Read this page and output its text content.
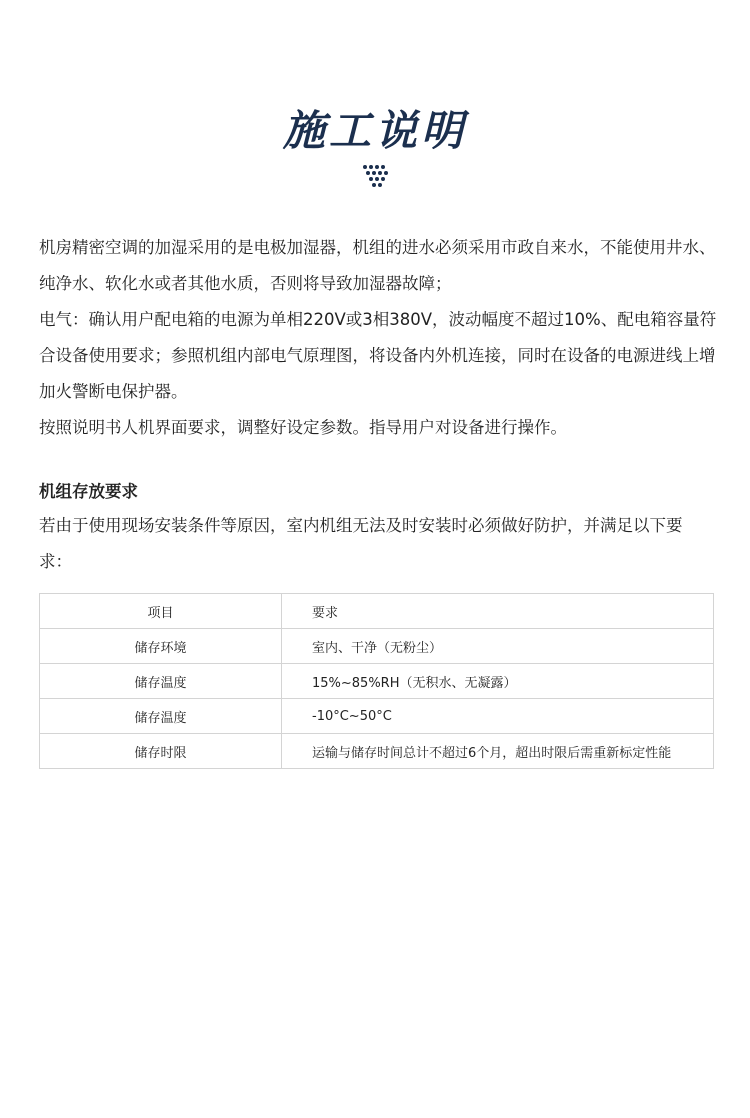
施工说明

机房精密空调的加湿采用的是电极加湿器，机组的进水必须采用市政自来水，不能使用井水、纯净水、软化水或者其他水质，否则将导致加湿器故障；

电气：确认用户配电箱的电源为单相220V或3相380V，波动幅度不超过10%、配电箱容量符合设备使用要求；参照机组内部电气原理图，将设备内外机连接，同时在设备的电源进线上增加火警断电保护器。

按照说明书人机界面要求，调整好设定参数。指导用户对设备进行操作。

机组存放要求
若由于使用现场安装条件等原因，室内机组无法及时安装时必须做好防护，并满足以下要求：
项目	要求
储存环境	室内、干净（无粉尘）
储存温度	15%~85%RH（无积水、无凝露）
储存温度	-10°C~50°C
储存时限	运输与储存时间总计不超过6个月，超出时限后需重新标定性能
